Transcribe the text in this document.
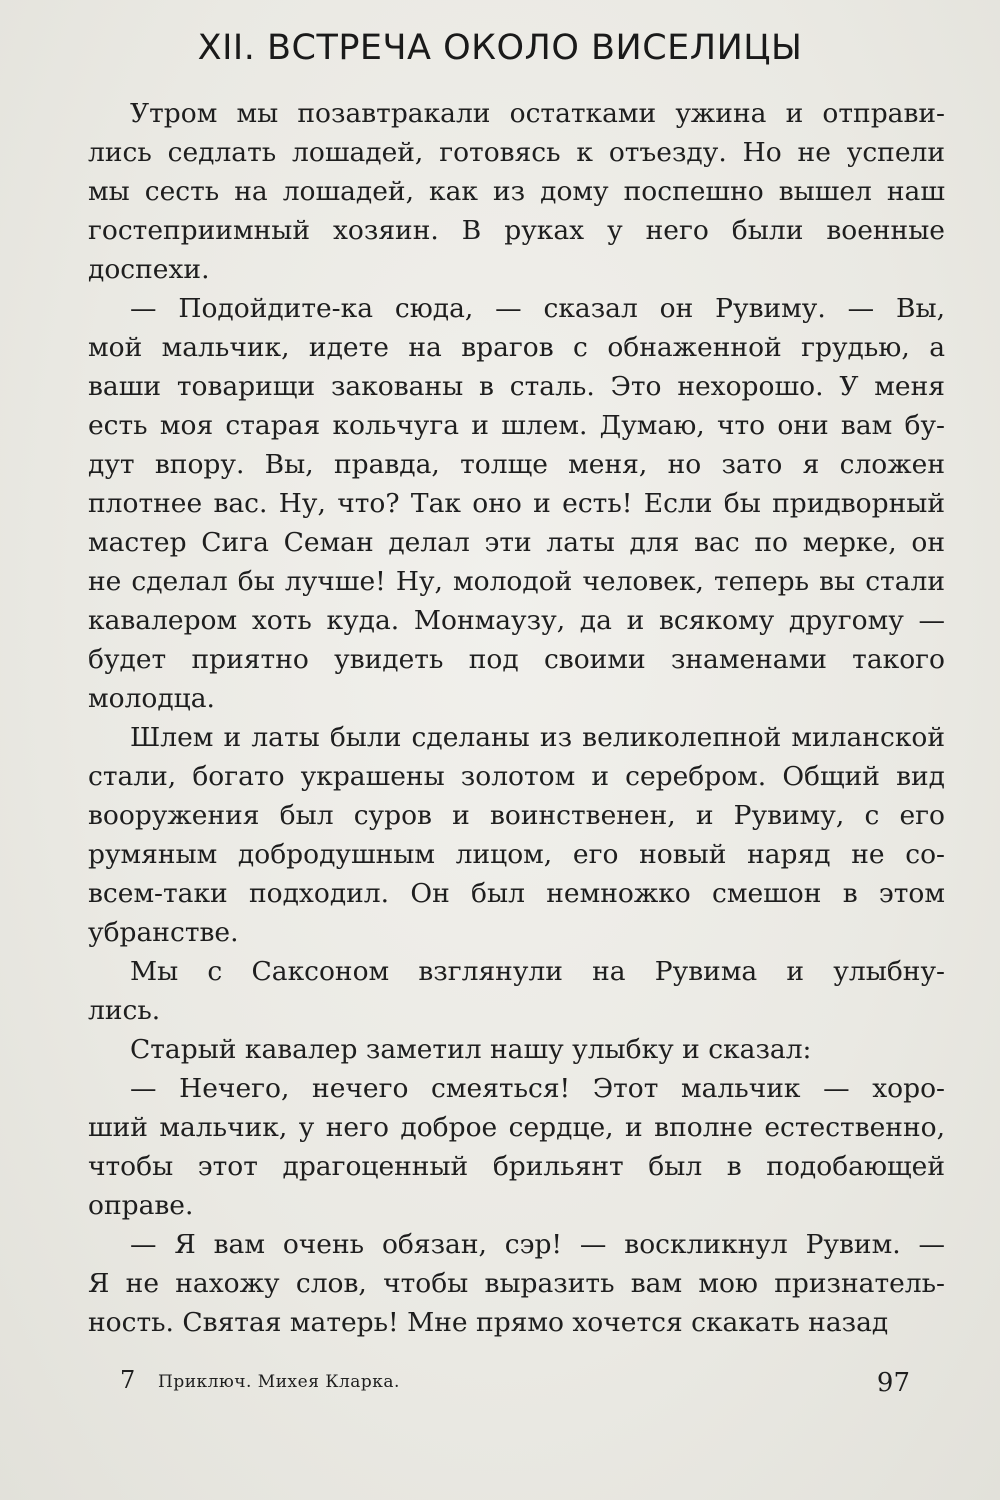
XII. ВСТРЕЧА ОКОЛО ВИСЕЛИЦЫ
Утром мы позавтракали остатками ужина и отправи-
лись седлать лошадей, готовясь к отъезду. Но не успели
мы сесть на лошадей, как из дому поспешно вышел наш
гостеприимный хозяин. В руках у него были военные
доспехи.
— Подойдите-ка сюда, — сказал он Рувиму. — Вы,
мой мальчик, идете на врагов с обнаженной грудью, а
ваши товарищи закованы в сталь. Это нехорошо. У меня
есть моя старая кольчуга и шлем. Думаю, что они вам бу-
дут впору. Вы, правда, толще меня, но зато я сложен
плотнее вас. Ну, что? Так оно и есть! Если бы придворный
мастер Сига Семан делал эти латы для вас по мерке, он
не сделал бы лучше! Ну, молодой человек, теперь вы стали
кавалером хоть куда. Монмаузу, да и всякому другому —
будет приятно увидеть под своими знаменами такого
молодца.
Шлем и латы были сделаны из великолепной миланской
стали, богато украшены золотом и серебром. Общий вид
вооружения был суров и воинственен, и Рувиму, с его
румяным добродушным лицом, его новый наряд не со-
всем-таки подходил. Он был немножко смешон в этом
убранстве.
Мы с Саксоном взглянули на Рувима и улыбну-
лись.
Старый кавалер заметил нашу улыбку и сказал:
— Нечего, нечего смеяться! Этот мальчик — хоро-
ший мальчик, у него доброе сердце, и вполне естественно,
чтобы этот драгоценный брильянт был в подобающей
оправе.
— Я вам очень обязан, сэр! — воскликнул Рувим. —
Я не нахожу слов, чтобы выразить вам мою признатель-
ность. Святая матерь! Мне прямо хочется скакать назад
7 Приключ. Михея Кларка.	97
